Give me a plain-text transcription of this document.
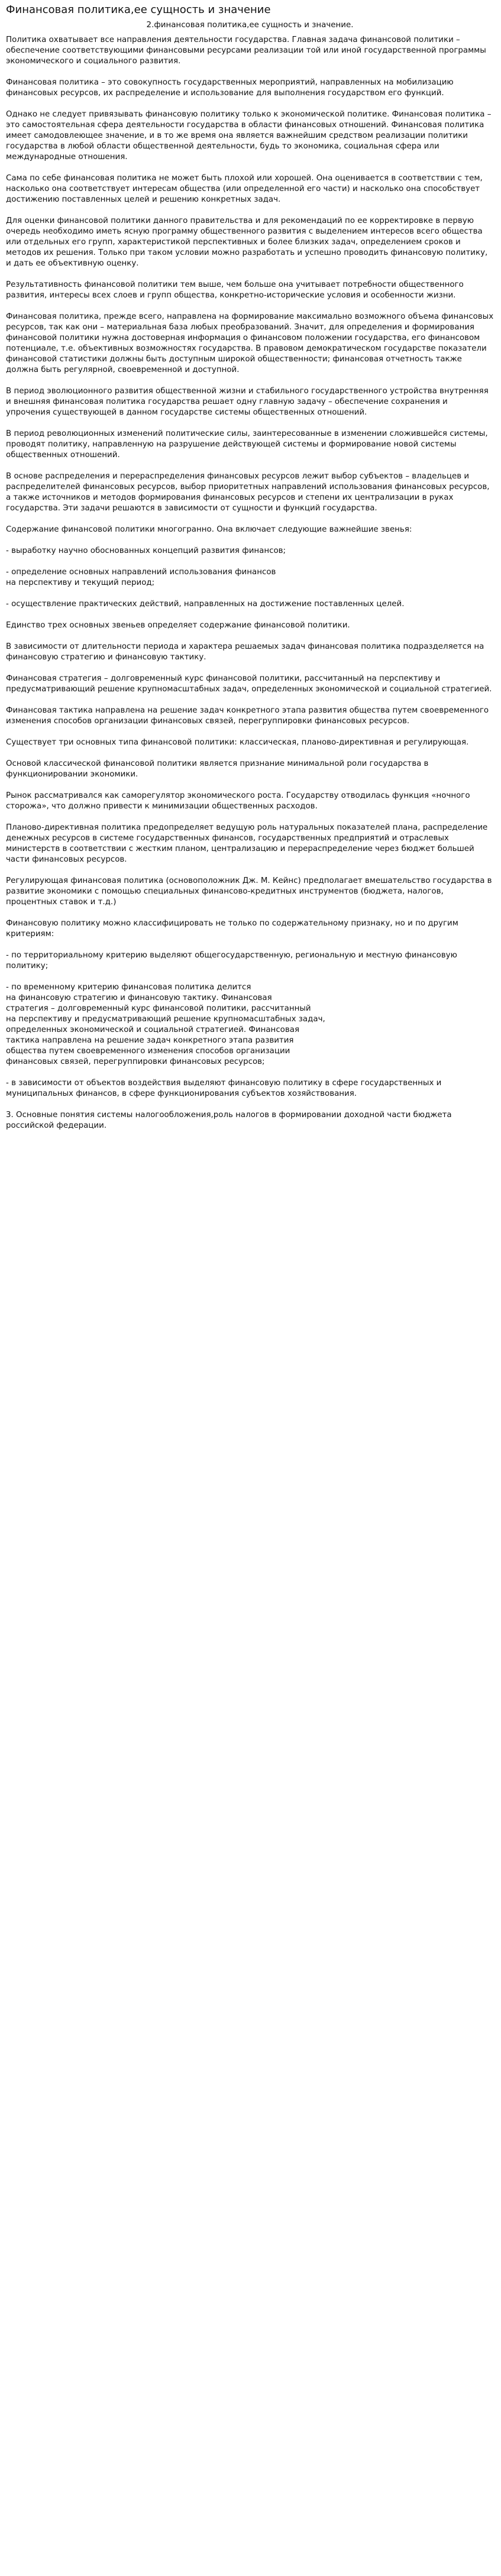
Финансовая политика,ее сущность и значение
2.финансовая политика,ее сущность и значение.

Политика охватывает все направления деятельности государства. Главная задача финансовой политики – обеспечение соответствующими финансовыми ресурсами реализации той или иной государственной программы экономического и социального развития.

Финансовая политика – это совокупность государственных мероприятий, направленных на мобилизацию финансовых ресурсов, их распределение и использование для выполнения государством его функций.

Однако не следует привязывать финансовую политику только к экономической политике. Финансовая политика – это самостоятельная сфера деятельности государства в области финансовых отношений. Финансовая политика имеет самодовлеющее значение, и в то же время она является важнейшим средством реализации политики государства в любой области общественной деятельности, будь то экономика, социальная сфера или международные отношения.

Сама по себе финансовая политика не может быть плохой или хорошей. Она оценивается в соответствии с тем, насколько она соответствует интересам общества (или определенной его части) и насколько она способствует достижению поставленных целей и решению конкретных задач.

Для оценки финансовой политики данного правительства и для рекомендаций по ее корректировке в первую очередь необходимо иметь ясную программу общественного развития с выделением интересов всего общества или отдельных его групп, характеристикой перспективных и более близких задач, определением сроков и методов их решения. Только при таком условии можно разработать и успешно проводить финансовую политику, и дать ее объективную оценку.

Результативность финансовой политики тем выше, чем больше она учитывает потребности общественного развития, интересы всех слоев и групп общества, конкретно-исторические условия и особенности жизни.

Финансовая политика, прежде всего, направлена на формирование максимально возможного объема финансовых ресурсов, так как они – материальная база любых преобразований. Значит, для определения и формирования финансовой политики нужна достоверная информация о финансовом положении государства, его финансовом потенциале, т.е. объективных возможностях государства. В правовом демократическом государстве показатели финансовой статистики должны быть доступным широкой общественности; финансовая отчетность также должна быть регулярной, своевременной и доступной.

В период эволюционного развития общественной жизни и стабильного государственного устройства внутренняя и внешняя финансовая политика государства решает одну главную задачу – обеспечение сохранения и упрочения существующей в данном государстве системы общественных отношений.

В период революционных изменений политические силы, заинтересованные в изменении сложившейся системы, проводят политику, направленную на разрушение действующей системы и формирование новой системы общественных отношений.

В основе распределения и перераспределения финансовых ресурсов лежит выбор субъектов – владельцев и распределителей финансовых ресурсов, выбор приоритетных направлений использования финансовых ресурсов, а также источников и методов формирования финансовых ресурсов и степени их централизации в руках государства. Эти задачи решаются в зависимости от сущности и функций государства.

Содержание финансовой политики многогранно. Она включает следующие важнейшие звенья:

- выработку научно обоснованных концепций развития финансов;

- определение основных направлений использования финансов
на перспективу и текущий период;

- осуществление практических действий, направленных на достижение поставленных целей.

Единство трех основных звеньев определяет содержание финансовой политики.

В зависимости от длительности периода и характера решаемых задач финансовая политика подразделяется на финансовую стратегию и финансовую тактику.

Финансовая стратегия – долговременный курс финансовой политики, рассчитанный на перспективу и предусматривающий решение крупномасштабных задач, определенных экономической и социальной стратегией.

Финансовая тактика направлена на решение задач конкретного этапа развития общества путем своевременного изменения способов организации финансовых связей, перегруппировки финансовых ресурсов.

Существует три основных типа финансовой политики: классическая, планово-директивная и регулирующая.

Основой классической финансовой политики является признание минимальной роли государства в функционировании экономики.

Рынок рассматривался как саморегулятор экономического роста. Государству отводилась функция «ночного сторожа», что должно привести к минимизации общественных расходов.

Планово-директивная политика предопределяет ведущую роль натуральных показателей плана, распределение денежных ресурсов в системе государственных финансов, государственных предприятий и отраслевых министерств в соответствии с жестким планом, централизацию и перераспределение через бюджет большей части финансовых ресурсов.

Регулирующая финансовая политика (основоположник Дж. М. Кейнс) предполагает вмешательство государства в развитие экономики с помощью специальных финансово-кредитных инструментов (бюджета, налогов, процентных ставок и т.д.)

Финансовую политику можно классифицировать не только по содержательному признаку, но и по другим критериям:

- по территориальному критерию выделяют общегосударственную, региональную и местную финансовую политику;

- по временному критерию финансовая политика делится
на финансовую стратегию и финансовую тактику. Финансовая
стратегия – долговременный курс финансовой политики, рассчитанный
на перспективу и предусматривающий решение крупномасштабных задач,
определенных экономической и социальной стратегией. Финансовая
тактика направлена на решение задач конкретного этапа развития
общества путем своевременного изменения способов организации
финансовых связей, перегруппировки финансовых ресурсов;

- в зависимости от объектов воздействия выделяют финансовую политику в сфере государственных и муниципальных финансов, в сфере функционирования субъектов хозяйствования.

3. Основные понятия системы налогообложения,роль налогов в формировании доходной части бюджета российской федерации.
